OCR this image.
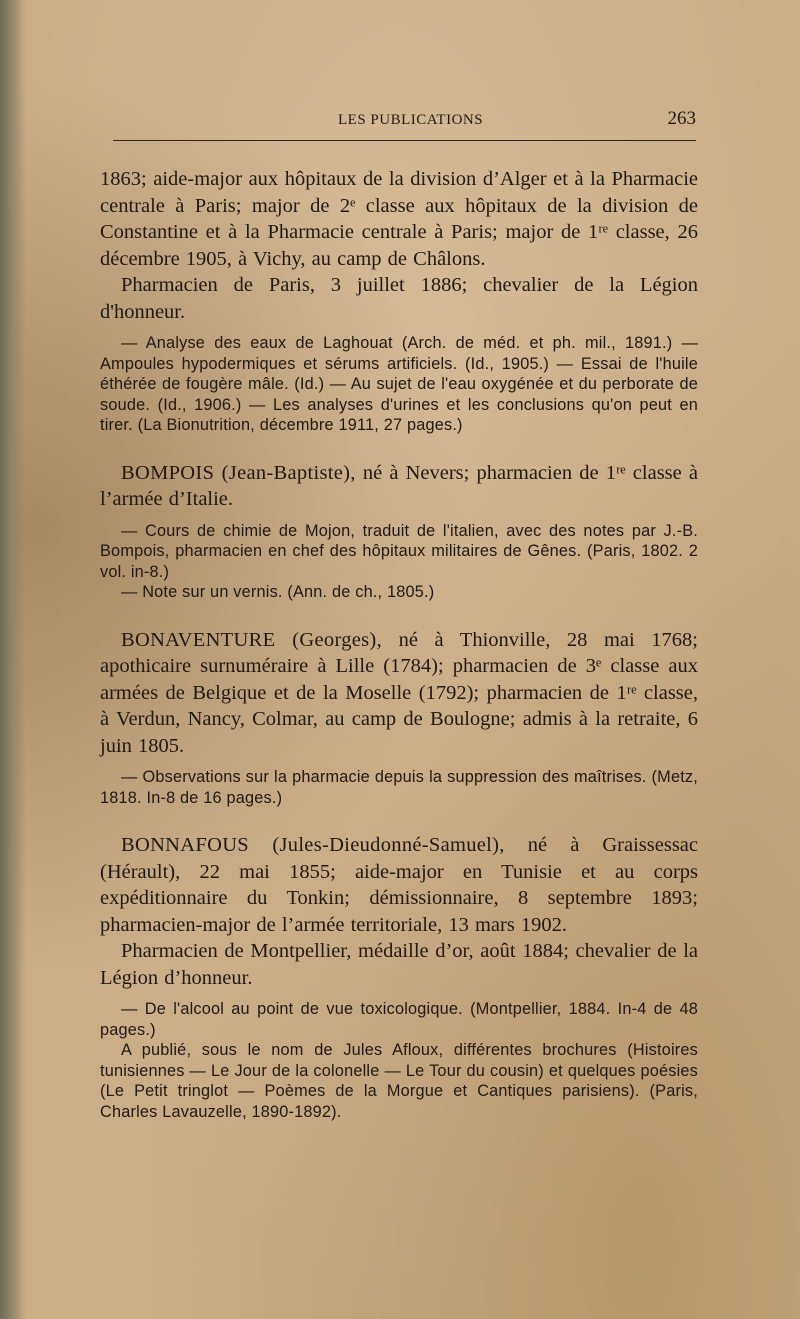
LES PUBLICATIONS	263

1863; aide-major aux hôpitaux de la division d’Alger et à la Pharmacie centrale à Paris; major de 2ᵉ classe aux hôpitaux de la division de Constantine et à la Pharmacie centrale à Paris; major de 1ʳᵉ classe, 26 décembre 1905, à Vichy, au camp de Châlons.

Pharmacien de Paris, 3 juillet 1886; chevalier de la Légion d'honneur.

— Analyse des eaux de Laghouat (Arch. de méd. et ph. mil., 1891.) — Ampoules hypodermiques et sérums artificiels. (Id., 1905.) — Essai de l'huile éthérée de fougère mâle. (Id.) — Au sujet de l'eau oxygénée et du perborate de soude. (Id., 1906.) — Les analyses d'urines et les conclusions qu'on peut en tirer. (La Bionutrition, décembre 1911, 27 pages.)

BOMPOIS (Jean-Baptiste), né à Nevers; pharmacien de 1ʳᵉ classe à l’armée d’Italie.

— Cours de chimie de Mojon, traduit de l'italien, avec des notes par J.-B. Bompois, pharmacien en chef des hôpitaux militaires de Gênes. (Paris, 1802. 2 vol. in-8.)

— Note sur un vernis. (Ann. de ch., 1805.)

BONAVENTURE (Georges), né à Thionville, 28 mai 1768; apothicaire surnuméraire à Lille (1784); pharmacien de 3ᵉ classe aux armées de Belgique et de la Moselle (1792); pharmacien de 1ʳᵉ classe, à Verdun, Nancy, Colmar, au camp de Boulogne; admis à la retraite, 6 juin 1805.

— Observations sur la pharmacie depuis la suppression des maîtrises. (Metz, 1818. In-8 de 16 pages.)

BONNAFOUS (Jules-Dieudonné-Samuel), né à Graissessac (Hérault), 22 mai 1855; aide-major en Tunisie et au corps expéditionnaire du Tonkin; démissionnaire, 8 septembre 1893; pharmacien-major de l’armée territoriale, 13 mars 1902.

Pharmacien de Montpellier, médaille d’or, août 1884; chevalier de la Légion d’honneur.

— De l'alcool au point de vue toxicologique. (Montpellier, 1884. In-4 de 48 pages.)

A publié, sous le nom de Jules Afloux, différentes brochures (Histoires tunisiennes — Le Jour de la colonelle — Le Tour du cousin) et quelques poésies (Le Petit tringlot — Poèmes de la Morgue et Cantiques parisiens). (Paris, Charles Lavauzelle, 1890-1892).
